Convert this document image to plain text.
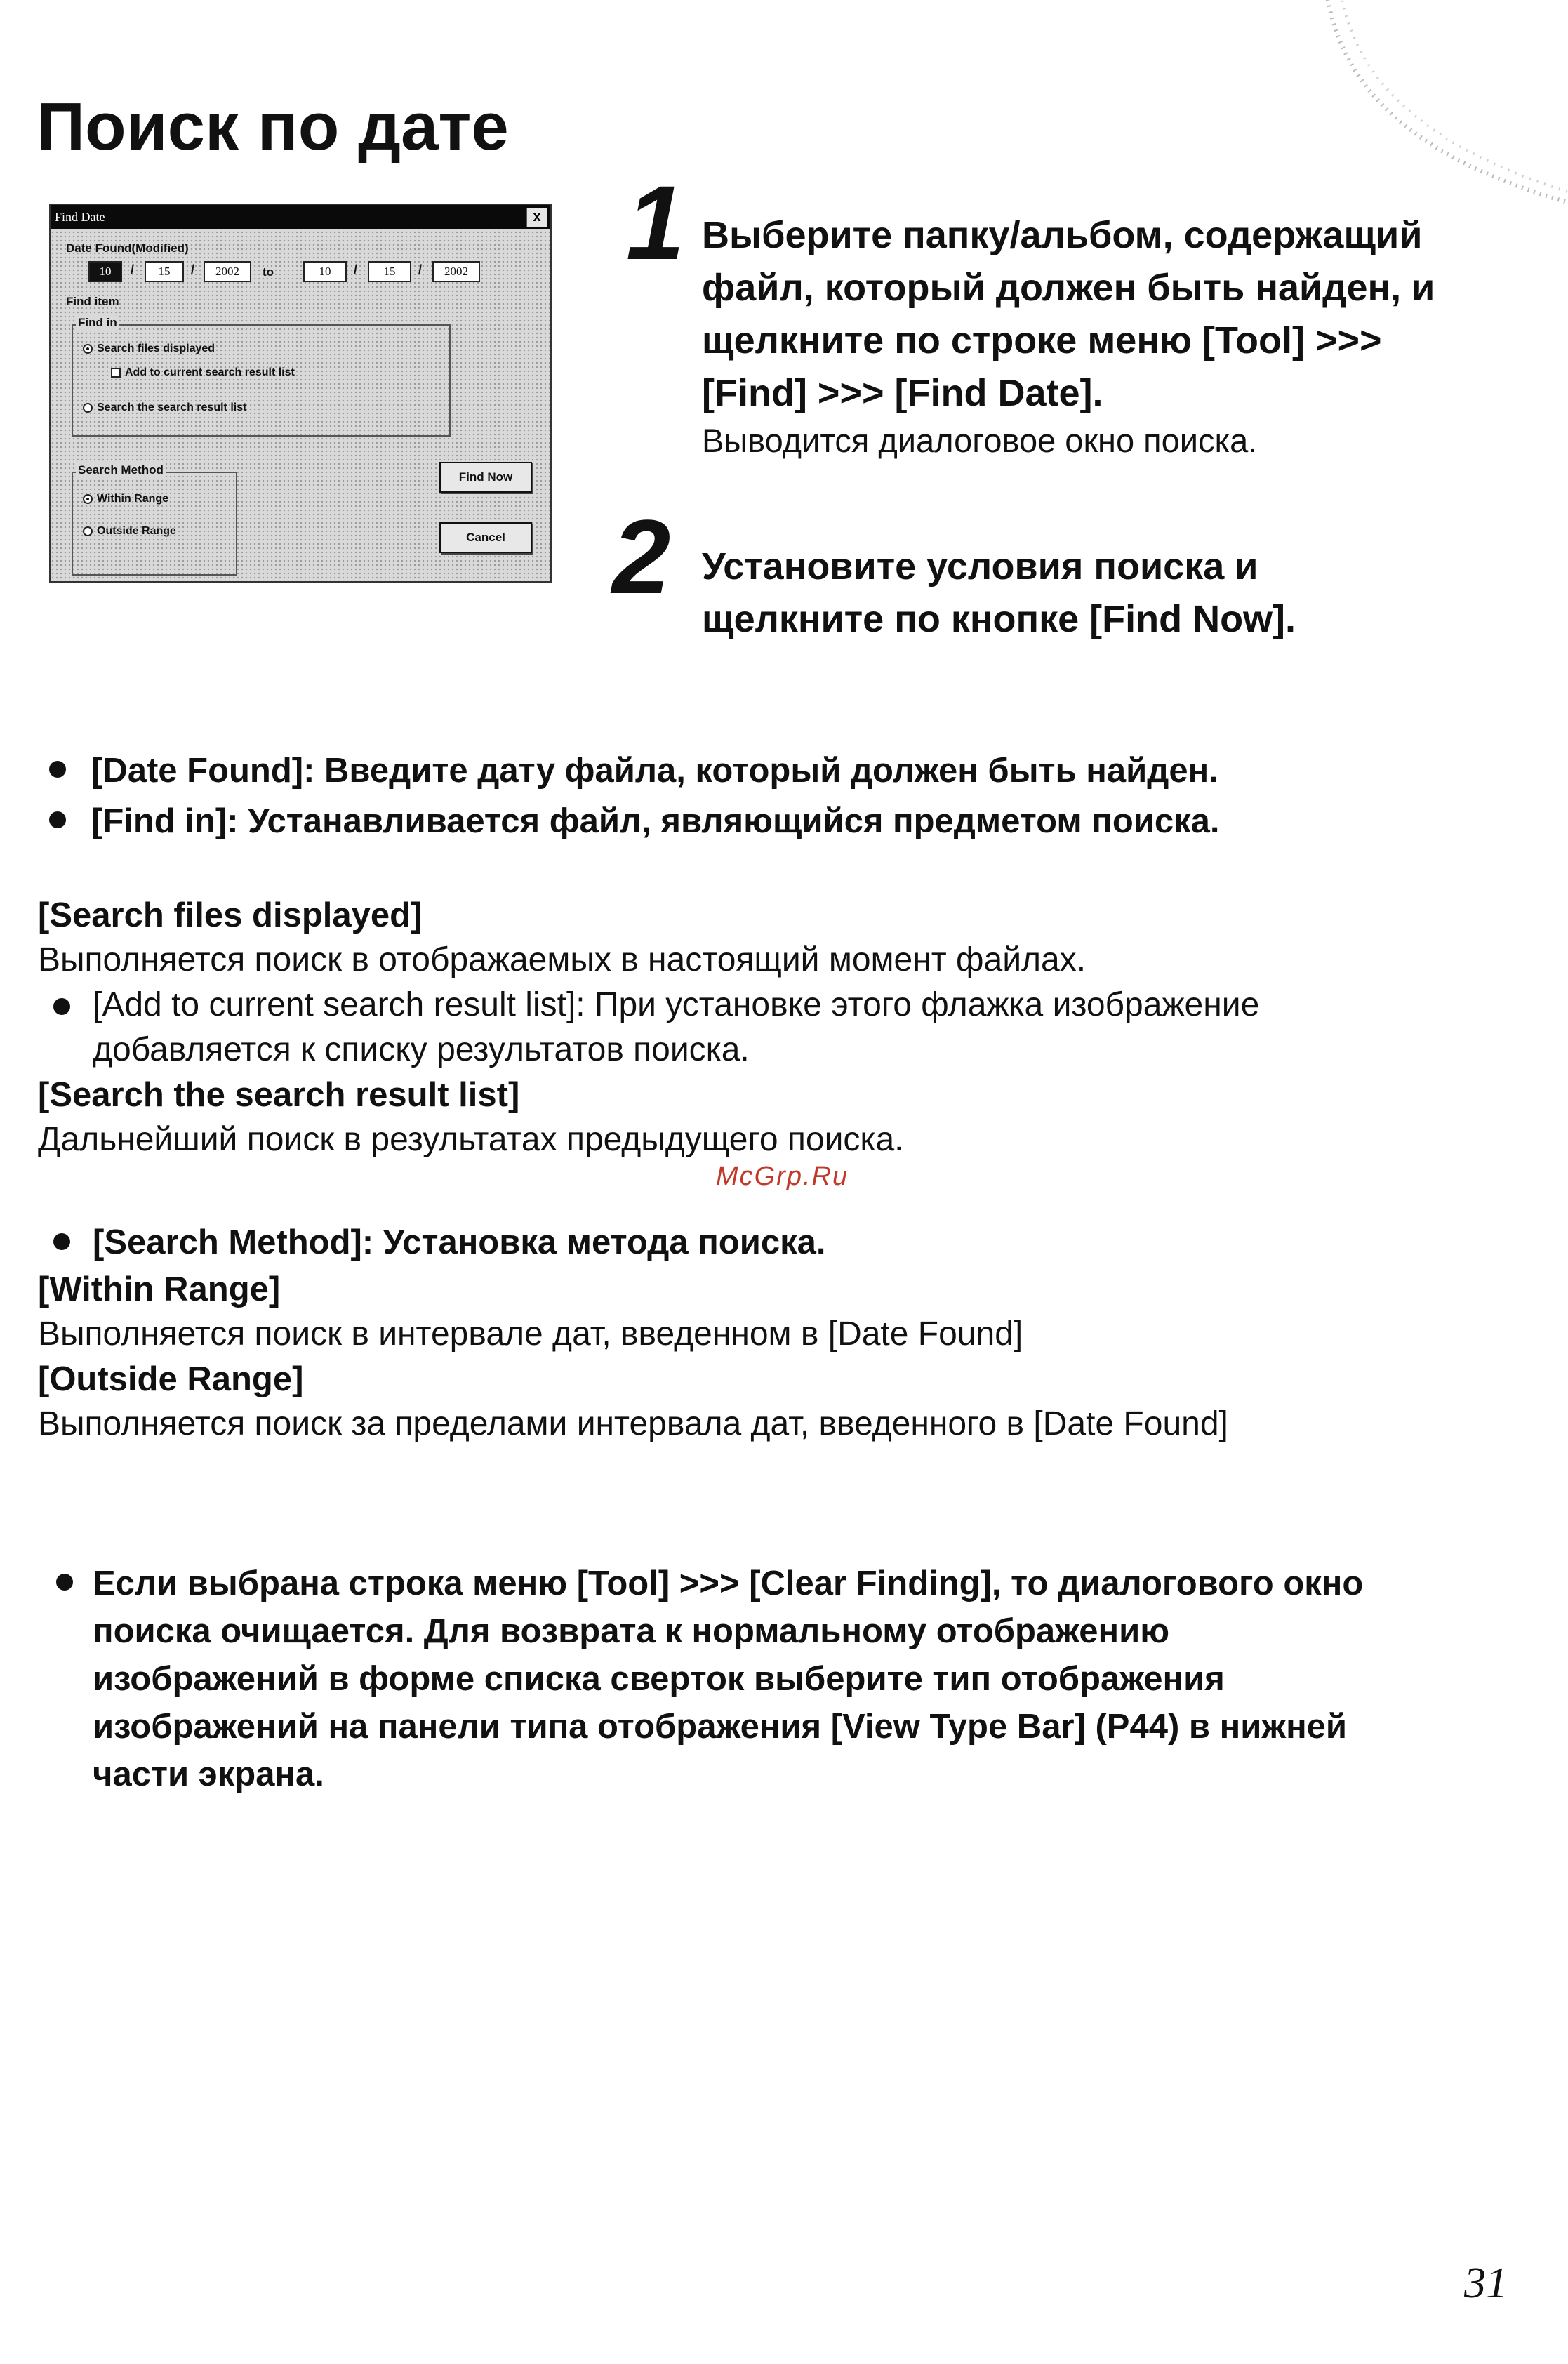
Поиск по дате
Find Date	x
Date Found(Modified)
10	/	15	/	2002	to	10	/	15	/	2002
Find item
Find in
Search files displayed
Add to current search result list
Search the search result list
Search Method
Within Range
Outside Range
Find Now
Cancel
1 Выберите папку/альбом, содержащий

файл, который должен быть найден, и

щелкните по строке меню [Tool] >>>

[Find] >>> [Find Date].

Выводится диалоговое окно поиска.

2 Установите условия поиска и

щелкните по кнопке [Find Now].

[Date Found]: Введите дату файла, который должен быть найден.

[Find in]: Устанавливается файл, являющийся предметом поиска.

[Search files displayed]

Выполняется поиск в отображаемых в настоящий момент файлах.

[Add to current search result list]: При установке этого флажка изображение

добавляется к списку результатов поиска.

[Search the search result list]

Дальнейший поиск в результатах предыдущего поиска.

McGrp.Ru

[Search Method]: Установка метода поиска.

[Within Range]

Выполняется поиск в интервале дат, введенном в [Date Found]

[Outside Range]

Выполняется поиск за пределами интервала дат, введенного в [Date Found]

Если выбрана строка меню [Tool] >>> [Clear Finding], то диалогового окно

поиска очищается. Для возврата к нормальному отображению

изображений в форме списка сверток выберите тип отображения

изображений на панели типа отображения [View Type Bar] (P44) в нижней

части экрана.

31
